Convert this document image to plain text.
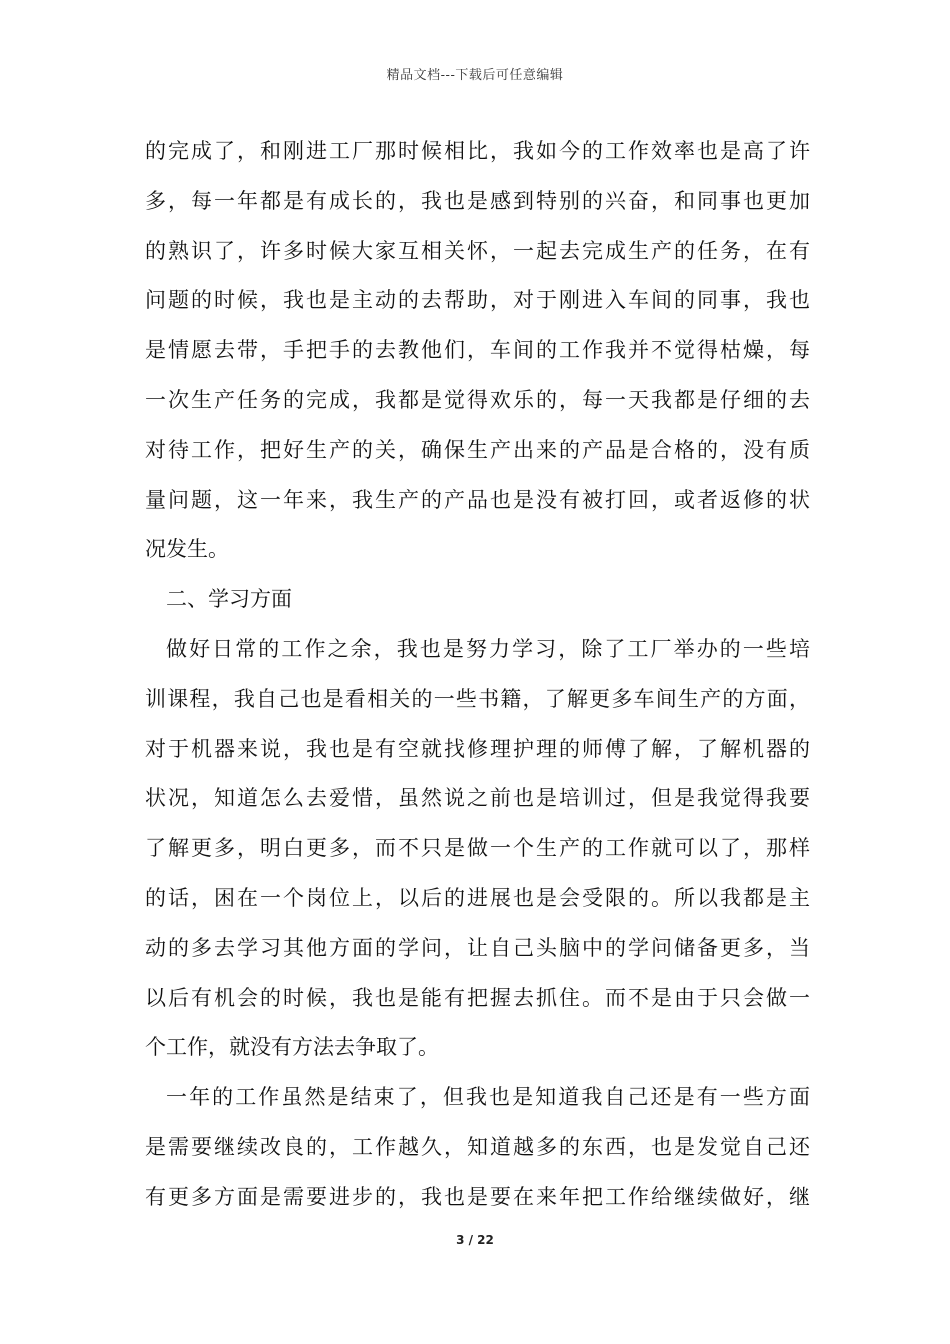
精品文档---下载后可任意编辑
的完成了，和刚进工厂那时候相比，我如今的工作效率也是高了许
多，每一年都是有成长的，我也是感到特别的兴奋，和同事也更加
的熟识了，许多时候大家互相关怀，一起去完成生产的任务，在有
问题的时候，我也是主动的去帮助，对于刚进入车间的同事，我也
是情愿去带，手把手的去教他们，车间的工作我并不觉得枯燥，每
一次生产任务的完成，我都是觉得欢乐的，每一天我都是仔细的去
对待工作，把好生产的关，确保生产出来的产品是合格的，没有质
量问题，这一年来，我生产的产品也是没有被打回，或者返修的状
况发生。
二、学习方面
做好日常的工作之余，我也是努力学习，除了工厂举办的一些培
训课程，我自己也是看相关的一些书籍，了解更多车间生产的方面，
对于机器来说，我也是有空就找修理护理的师傅了解，了解机器的
状况，知道怎么去爱惜，虽然说之前也是培训过，但是我觉得我要
了解更多，明白更多，而不只是做一个生产的工作就可以了，那样
的话，困在一个岗位上，以后的进展也是会受限的。所以我都是主
动的多去学习其他方面的学问，让自己头脑中的学问储备更多，当
以后有机会的时候，我也是能有把握去抓住。而不是由于只会做一
个工作，就没有方法去争取了。
一年的工作虽然是结束了，但我也是知道我自己还是有一些方面
是需要继续改良的，工作越久，知道越多的东西，也是发觉自己还
有更多方面是需要进步的，我也是要在来年把工作给继续做好，继
3 / 22
